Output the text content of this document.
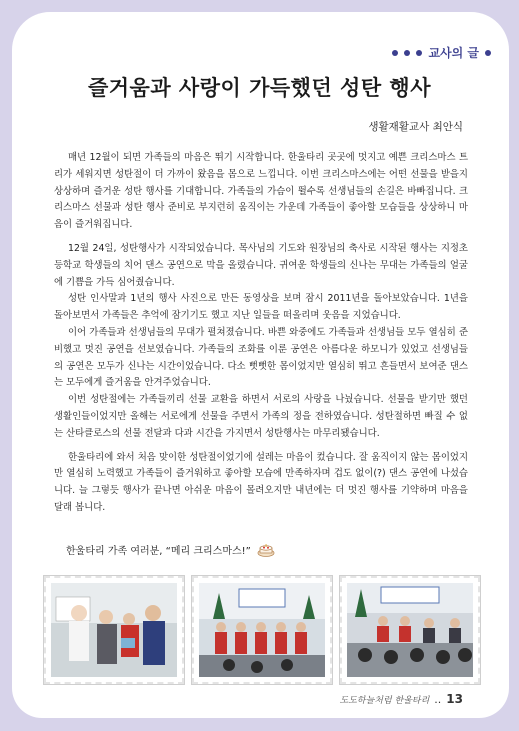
교사의 글
즐거움과 사랑이 가득했던 성탄 행사
생활재활교사 최안식

매년 12월이 되면 가족들의 마음은 뛰기 시작합니다. 한울타리 곳곳에 멋지고 예쁜 크리스마스 트리가 세워지면 성탄절이 더 가까이 왔음을 몸으로 느낍니다. 이번 크리스마스에는 어떤 선물을 받을지 상상하며 즐거운 성탄 행사를 기대합니다. 가족들의 가슴이 뛸수록 선생님들의 손길은 바빠집니다. 크리스마스 선물과 성탄 행사 준비로 부지런히 움직이는 가운데 가족들이 좋아할 모습들을 상상하니 마음이 즐거워집니다.

12월 24일, 성탄행사가 시작되었습니다. 목사님의 기도와 원장님의 축사로 시작된 행사는 지정초등학교 학생들의 치어 댄스 공연으로 막을 올렸습니다. 귀여운 학생들의 신나는 무대는 가족들의 얼굴에 기쁨을 가득 심어줬습니다.

성탄 인사말과 1년의 행사 사진으로 만든 동영상을 보며 잠시 2011년을 돌아보았습니다. 1년을 돌아보면서 가족들은 추억에 잠기기도 했고 지난 일들을 떠올리며 웃음을 지었습니다.

이어 가족들과 선생님들의 무대가 펼쳐졌습니다. 바쁜 와중에도 가족들과 선생님들 모두 열심히 준비했고 멋진 공연을 선보였습니다. 가족들의 조화를 이룬 공연은 아름다운 하모니가 있었고 선생님들의 공연은 모두가 신나는 시간이었습니다. 다소 뻣뻣한 몸이었지만 열심히 뛰고 흔들면서 보여준 댄스는 모두에게 즐거움을 안겨주었습니다.

이번 성탄절에는 가족들끼리 선물 교환을 하면서 서로의 사랑을 나눴습니다. 선물을 받기만 했던 생활인들이었지만 올해는 서로에게 선물을 주면서 가족의 정을 전하였습니다. 성탄절하면 빠질 수 없는 산타클로스의 선물 전달과 다과 시간을 가지면서 성탄행사는 마무리됐습니다.

한울타리에 와서 처음 맞이한 성탄절이었기에 설레는 마음이 컸습니다. 잘 움직이지 않는 몸이었지만 열심히 노력했고 가족들이 즐거워하고 좋아할 모습에 만족하자며 겁도 없이(?) 댄스 공연에 나섰습니다. 늘 그렇듯 행사가 끝나면 아쉬운 마음이 몰려오지만 내년에는 더 멋진 행사를 기약하며 마음을 달래 봅니다.

한울타리 가족 여러분, “메리 크리스마스!”
도도하늘처럼 한울타리 .. 13
